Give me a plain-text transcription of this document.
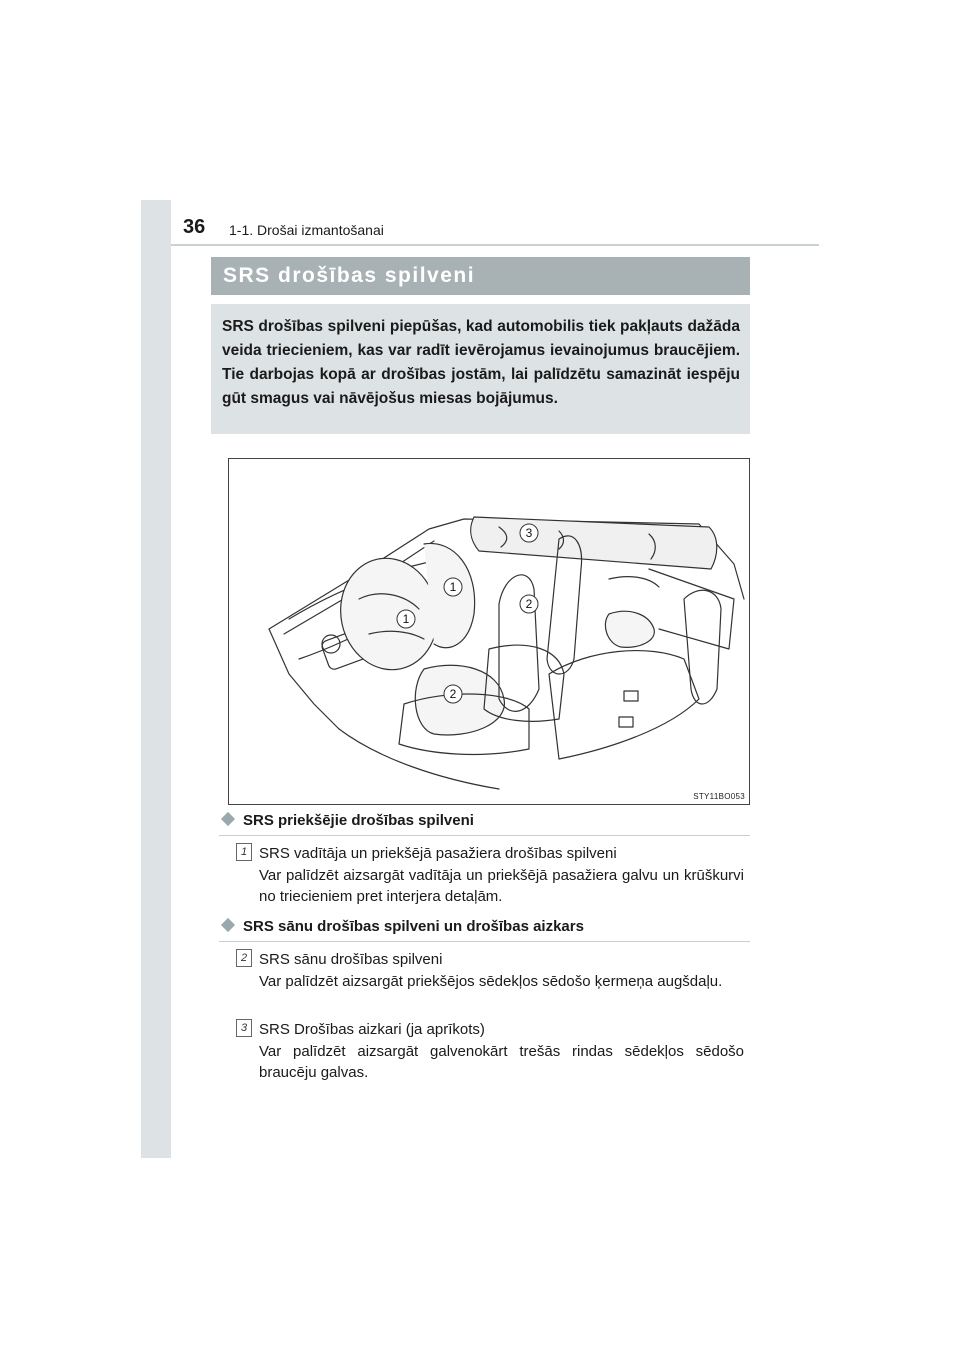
36 1-1. Drošai izmantošanai
SRS drošības spilveni

SRS drošības spilveni piepūšas, kad automobilis tiek pakļauts dažāda veida triecieniem, kas var radīt ievērojamus ievainojumus braucējiem. Tie darbojas kopā ar drošības jostām, lai palīdzētu samazināt iespēju gūt smagus vai nāvējošus miesas bojājumus.

1
1
2
2
3
STY11BO053
SRS priekšējie drošības spilveni
1 SRS vadītāja un priekšējā pasažiera drošības spilveni
Var palīdzēt aizsargāt vadītāja un priekšējā pasažiera galvu un krūškurvi no triecieniem pret interjera detaļām.
SRS sānu drošības spilveni un drošības aizkars
2 SRS sānu drošības spilveni
Var palīdzēt aizsargāt priekšējos sēdekļos sēdošo ķermeņa augšdaļu.
3 SRS Drošības aizkari (ja aprīkots)
Var palīdzēt aizsargāt galvenokārt trešās rindas sēdekļos sēdošo braucēju galvas.
